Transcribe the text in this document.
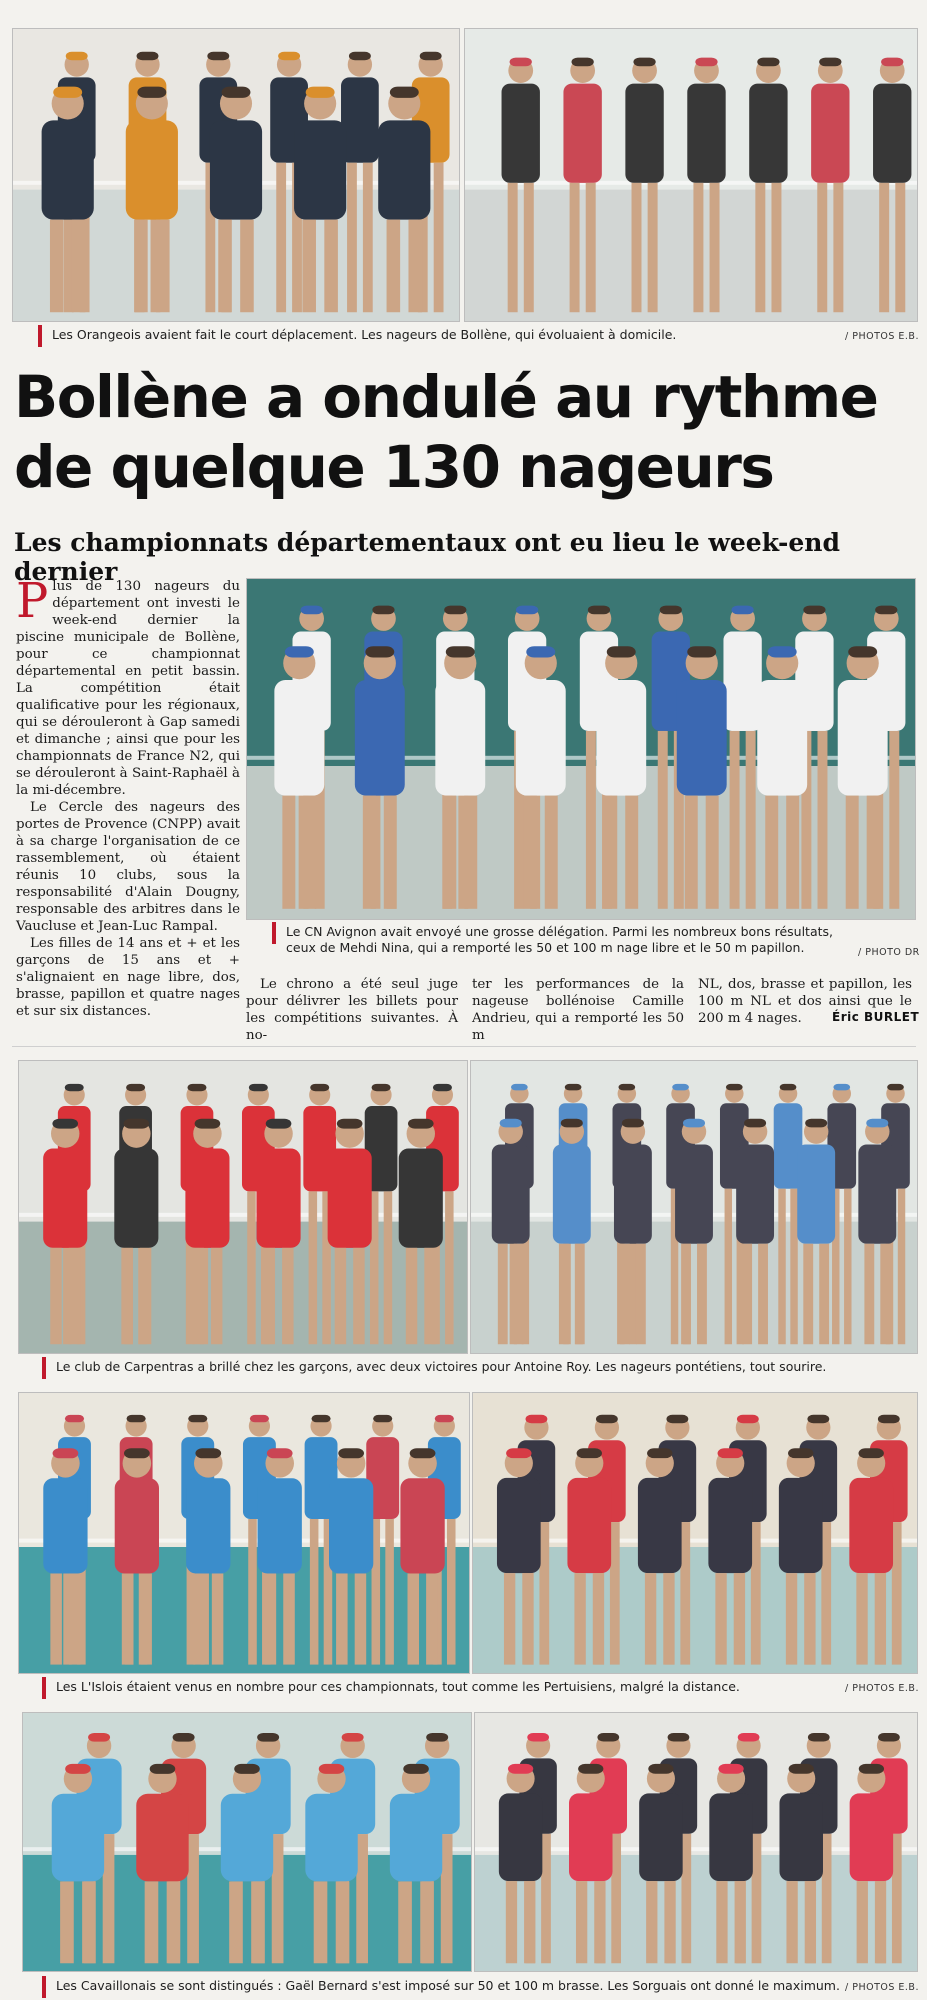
Les Orangeois avaient fait le court déplacement. Les nageurs de Bollène, qui évoluaient à domicile.	/ PHOTOS E.B.
Bollène a ondulé au rythme de quelque 130 nageurs
Les championnats départementaux ont eu lieu le week-end dernier

Plus de 130 nageurs du département ont investi le week-end dernier la piscine municipale de Bollène, pour ce championnat départemental en petit bassin. La compétition était qualificative pour les régionaux, qui se dérouleront à Gap samedi et dimanche ; ainsi que pour les championnats de France N2, qui se dérouleront à Saint-Raphaël à la mi-décembre.

Le Cercle des nageurs des portes de Provence (CNPP) avait à sa charge l'organisation de ce rassemblement, où étaient réunis 10 clubs, sous la responsabilité d'Alain Dougny, responsable des arbitres dans le Vaucluse et Jean-Luc Rampal.

Les filles de 14 ans et + et les garçons de 15 ans et + s'alignaient en nage libre, dos, brasse, papillon et quatre nages et sur six distances.

Le CN Avignon avait envoyé une grosse délégation. Parmi les nombreux bons résultats, ceux de Mehdi Nina, qui a remporté les 50 et 100 m nage libre et le 50 m papillon.	/ PHOTO DR

Le chrono a été seul juge pour délivrer les billets pour les compétitions suivantes. À no-

ter les performances de la nageuse bollénoise Camille Andrieu, qui a remporté les 50 m

NL, dos, brasse et papillon, les 100 m NL et dos ainsi que le 200 m 4 nages.	Éric BURLET
Le club de Carpentras a brillé chez les garçons, avec deux victoires pour Antoine Roy. Les nageurs pontétiens, tout sourire.
Les L'Islois étaient venus en nombre pour ces championnats, tout comme les Pertuisiens, malgré la distance.	/ PHOTOS E.B.
Les Cavaillonais se sont distingués : Gaël Bernard s'est imposé sur 50 et 100 m brasse. Les Sorguais ont donné le maximum. / PHOTOS E.B.
